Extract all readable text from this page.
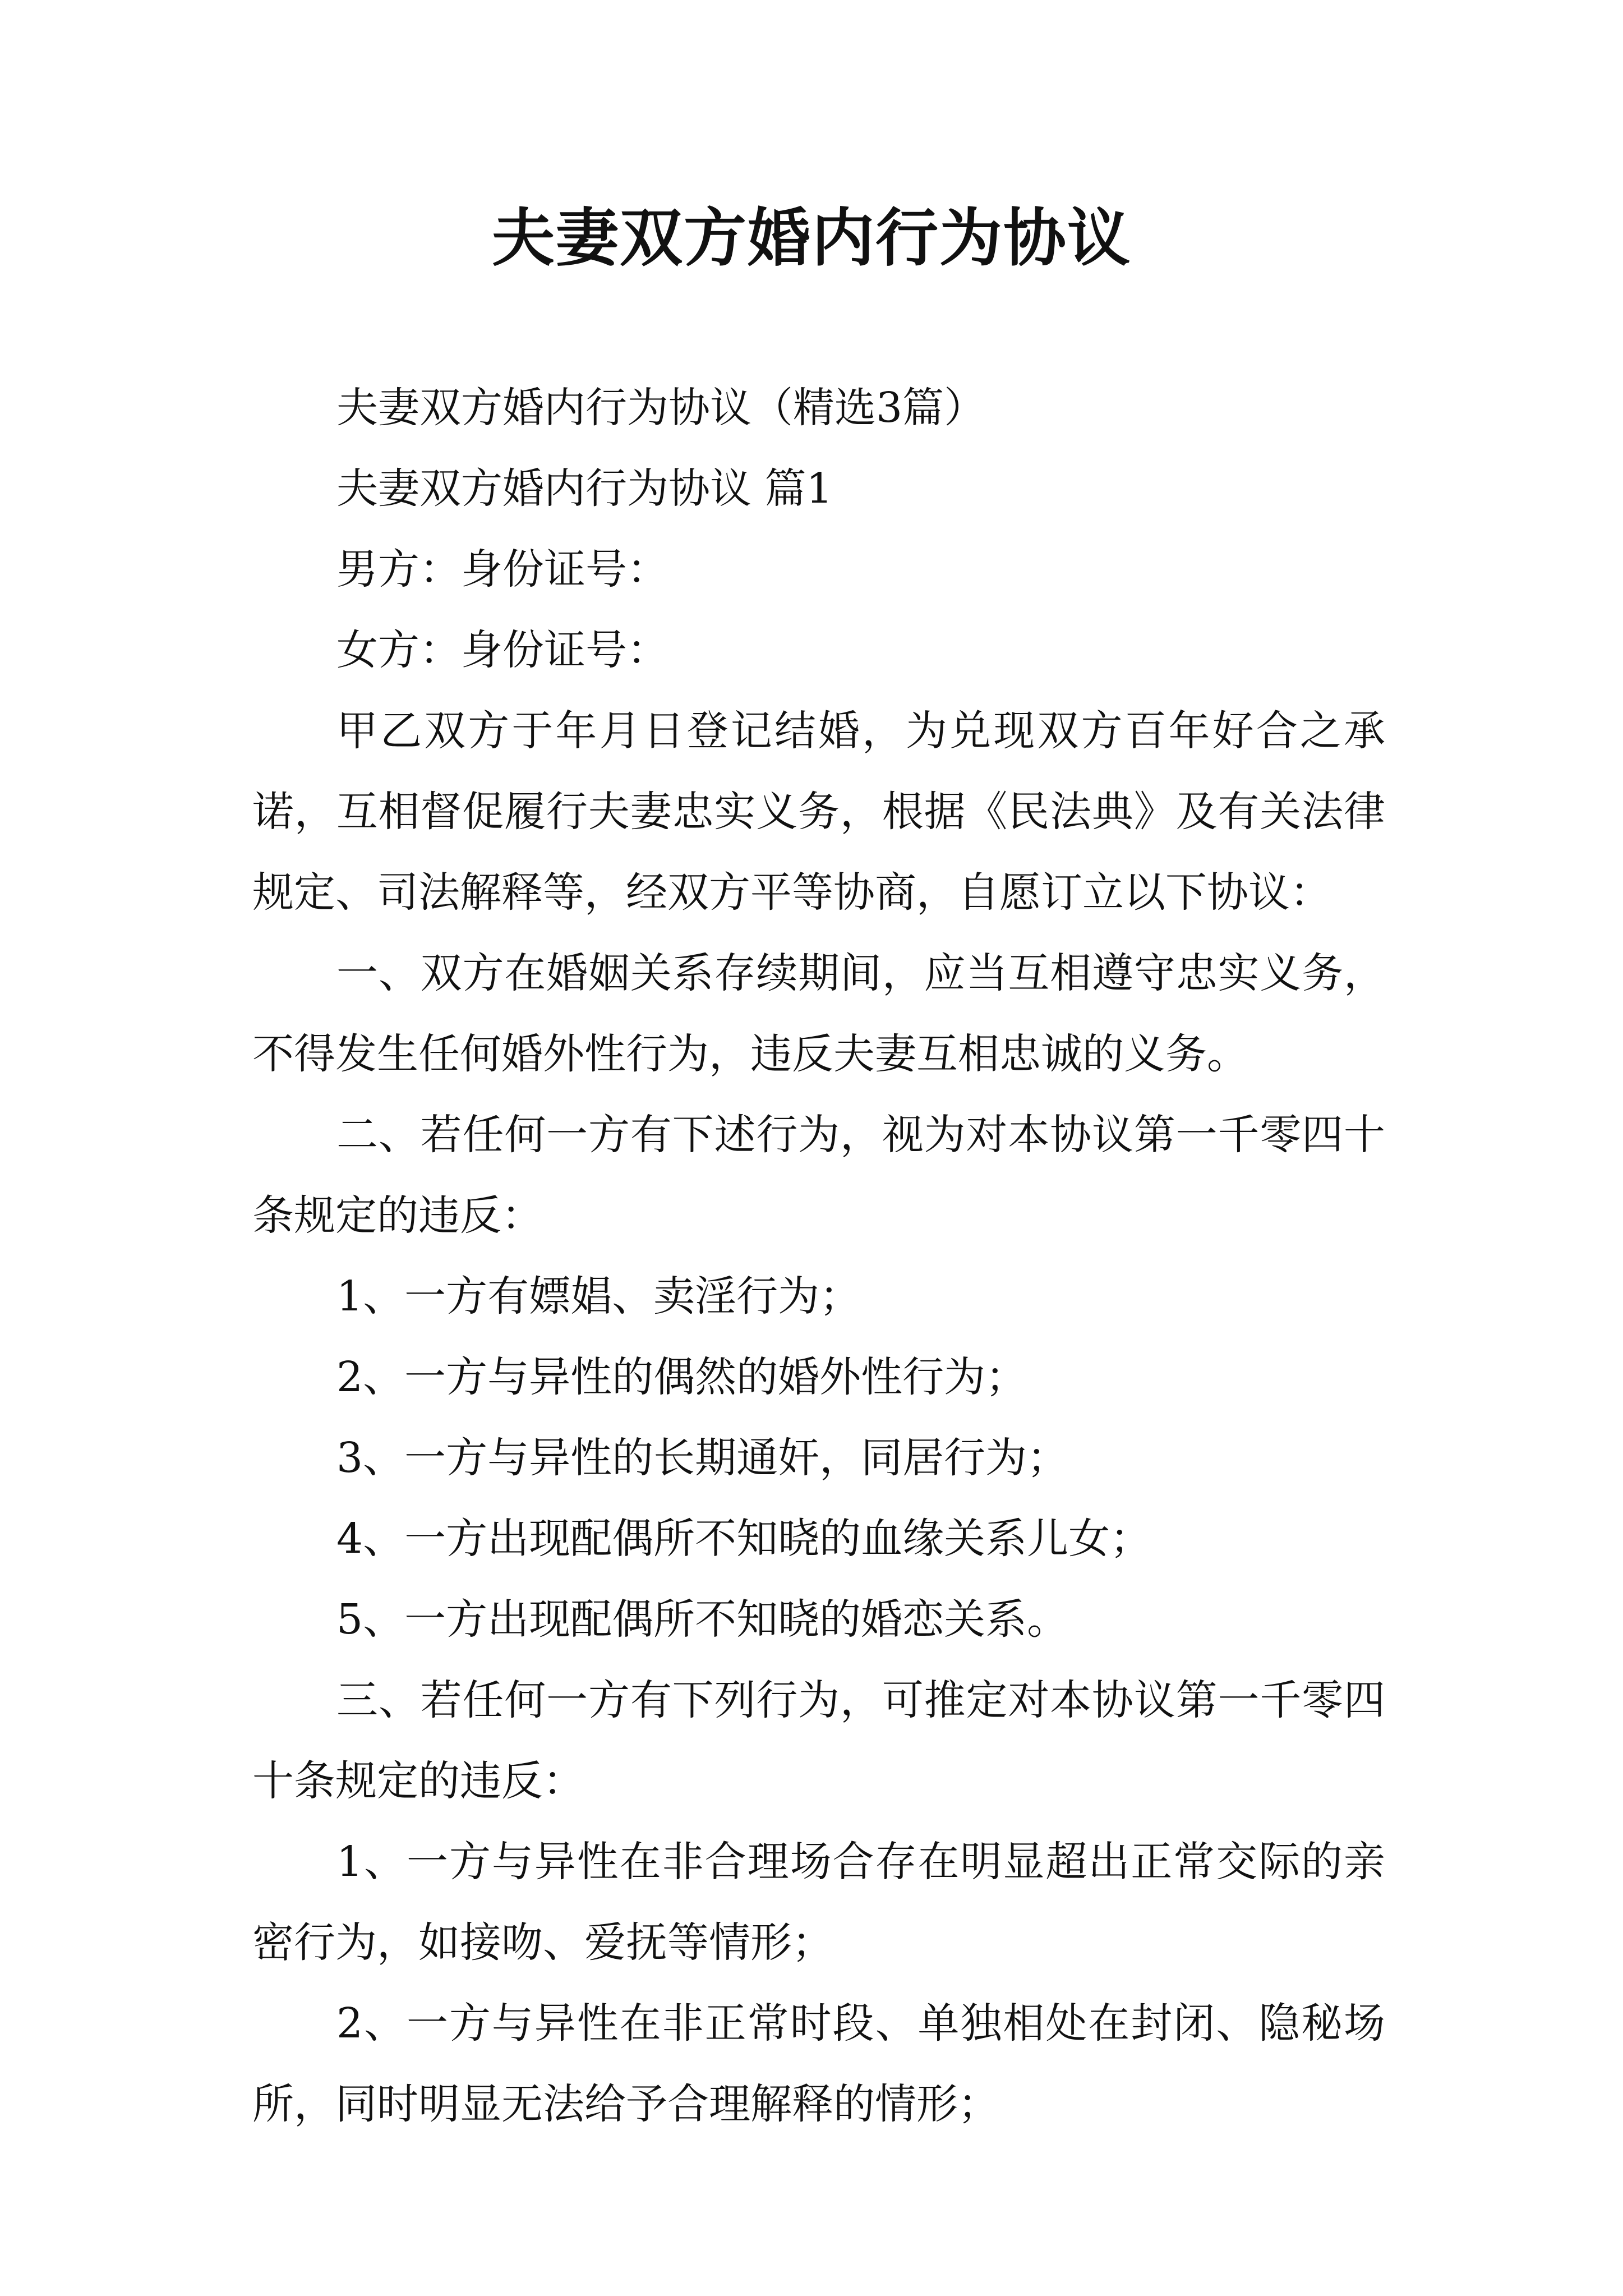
夫妻双方婚内行为协议

夫妻双方婚内行为协议（精选3篇）

夫妻双方婚内行为协议 篇1

男方：身份证号：

女方：身份证号：

甲乙双方于年月日登记结婚，为兑现双方百年好合之承诺，互相督促履行夫妻忠实义务，根据《民法典》及有关法律规定、司法解释等，经双方平等协商，自愿订立以下协议：

一、双方在婚姻关系存续期间，应当互相遵守忠实义务，不得发生任何婚外性行为，违反夫妻互相忠诚的义务。

二、若任何一方有下述行为，视为对本协议第一千零四十条规定的违反：

1、一方有嫖娼、卖淫行为；

2、一方与异性的偶然的婚外性行为；

3、一方与异性的长期通奸，同居行为；

4、一方出现配偶所不知晓的血缘关系儿女；

5、一方出现配偶所不知晓的婚恋关系。

三、若任何一方有下列行为，可推定对本协议第一千零四十条规定的违反：

1、一方与异性在非合理场合存在明显超出正常交际的亲密行为，如接吻、爱抚等情形；

2、一方与异性在非正常时段、单独相处在封闭、隐秘场所，同时明显无法给予合理解释的情形；
